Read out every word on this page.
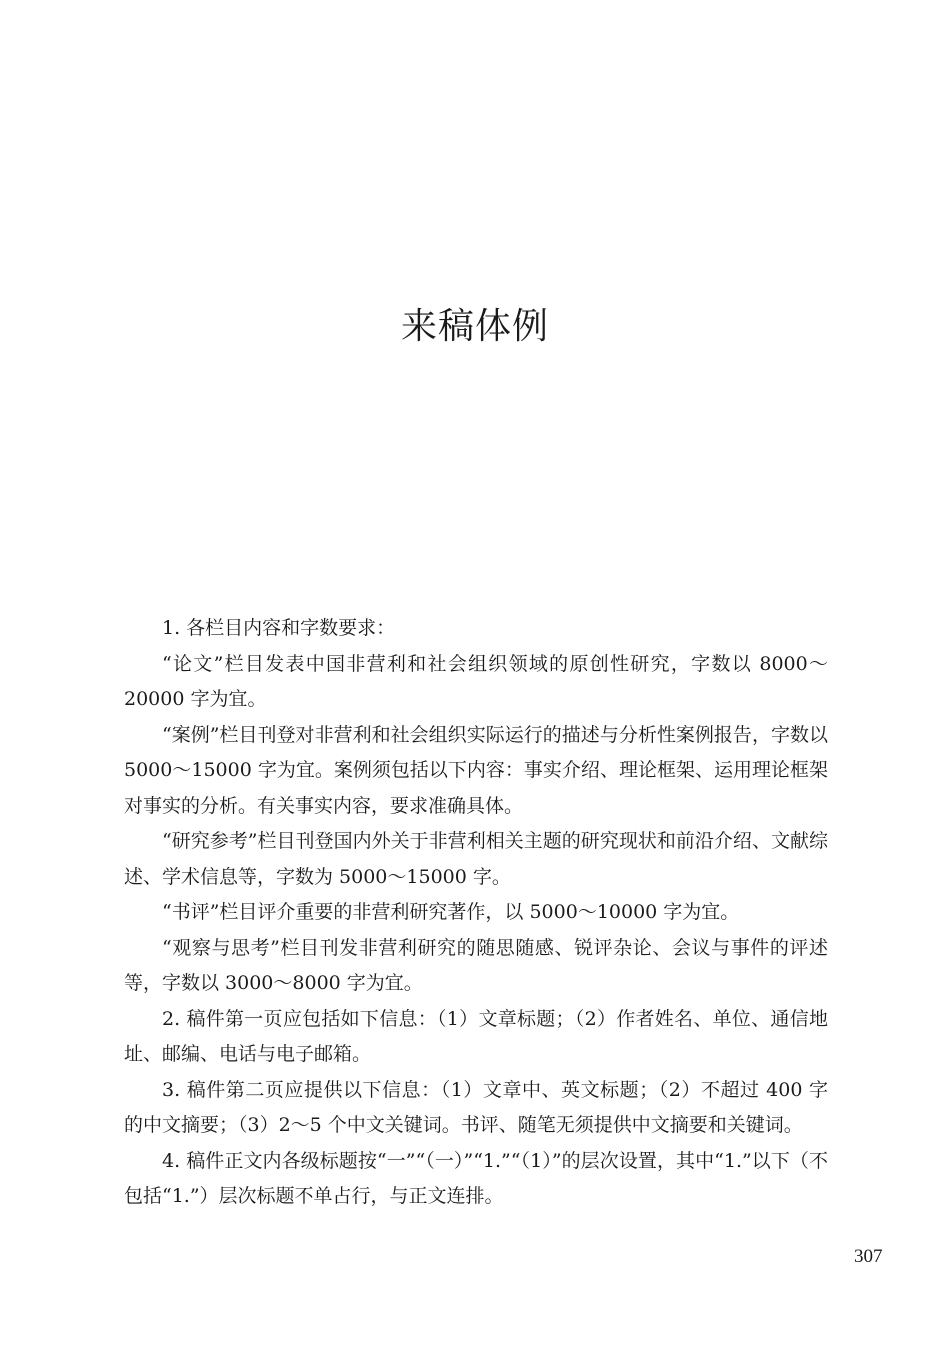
来稿体例

1. 各栏目内容和字数要求：

“论文”栏目发表中国非营利和社会组织领域的原创性研究，字数以 8000～20000 字为宜。

“案例”栏目刊登对非营利和社会组织实际运行的描述与分析性案例报告，字数以 5000～15000 字为宜。案例须包括以下内容：事实介绍、理论框架、运用理论框架对事实的分析。有关事实内容，要求准确具体。

“研究参考”栏目刊登国内外关于非营利相关主题的研究现状和前沿介绍、文献综述、学术信息等，字数为 5000～15000 字。

“书评”栏目评介重要的非营利研究著作，以 5000～10000 字为宜。

“观察与思考”栏目刊发非营利研究的随思随感、锐评杂论、会议与事件的评述等，字数以 3000～8000 字为宜。

2. 稿件第一页应包括如下信息：（1）文章标题；（2）作者姓名、单位、通信地址、邮编、电话与电子邮箱。

3. 稿件第二页应提供以下信息：（1）文章中、英文标题；（2）不超过 400 字的中文摘要；（3）2～5 个中文关键词。书评、随笔无须提供中文摘要和关键词。

4. 稿件正文内各级标题按“一”“（一）”“1.”“（1）”的层次设置，其中“1.”以下（不包括“1.”）层次标题不单占行，与正文连排。

307
